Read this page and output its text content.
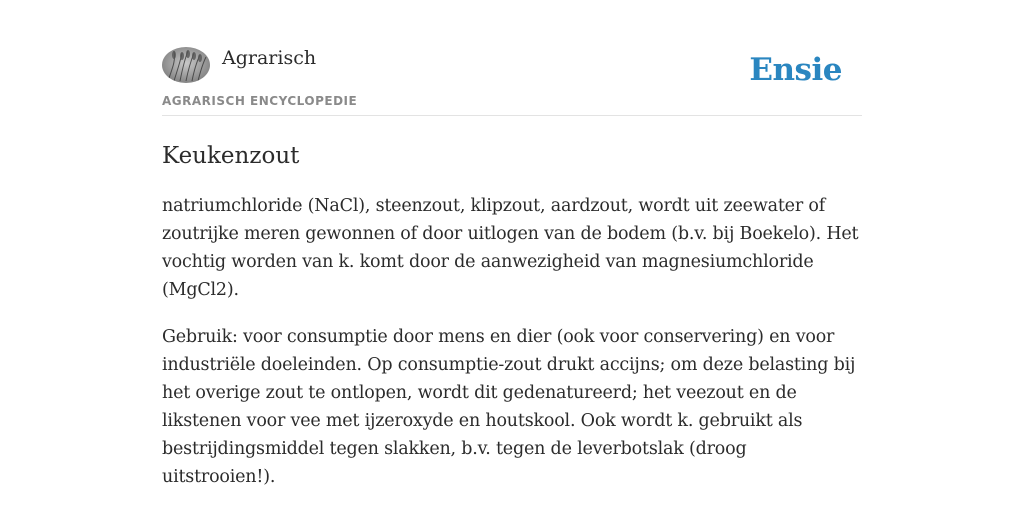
Agrarisch
AGRARISCH ENCYCLOPEDIE
Ensie
Keukenzout

natriumchloride (NaCl), steenzout, klipzout, aardzout, wordt uit zeewater of zoutrijke meren gewonnen of door uitlogen van de bodem (b.v. bij Boekelo). Het vochtig worden van k. komt door de aanwezigheid van magnesiumchloride (MgCl2).

Gebruik: voor consumptie door mens en dier (ook voor conservering) en voor industriële doeleinden. Op consumptie-zout drukt accijns; om deze belasting bij het overige zout te ontlopen, wordt dit gedenatureerd; het veezout en de likstenen voor vee met ijzeroxyde en houtskool. Ook wordt k. gebruikt als bestrijdingsmiddel tegen slakken, b.v. tegen de leverbotslak (droog uitstrooien!).
